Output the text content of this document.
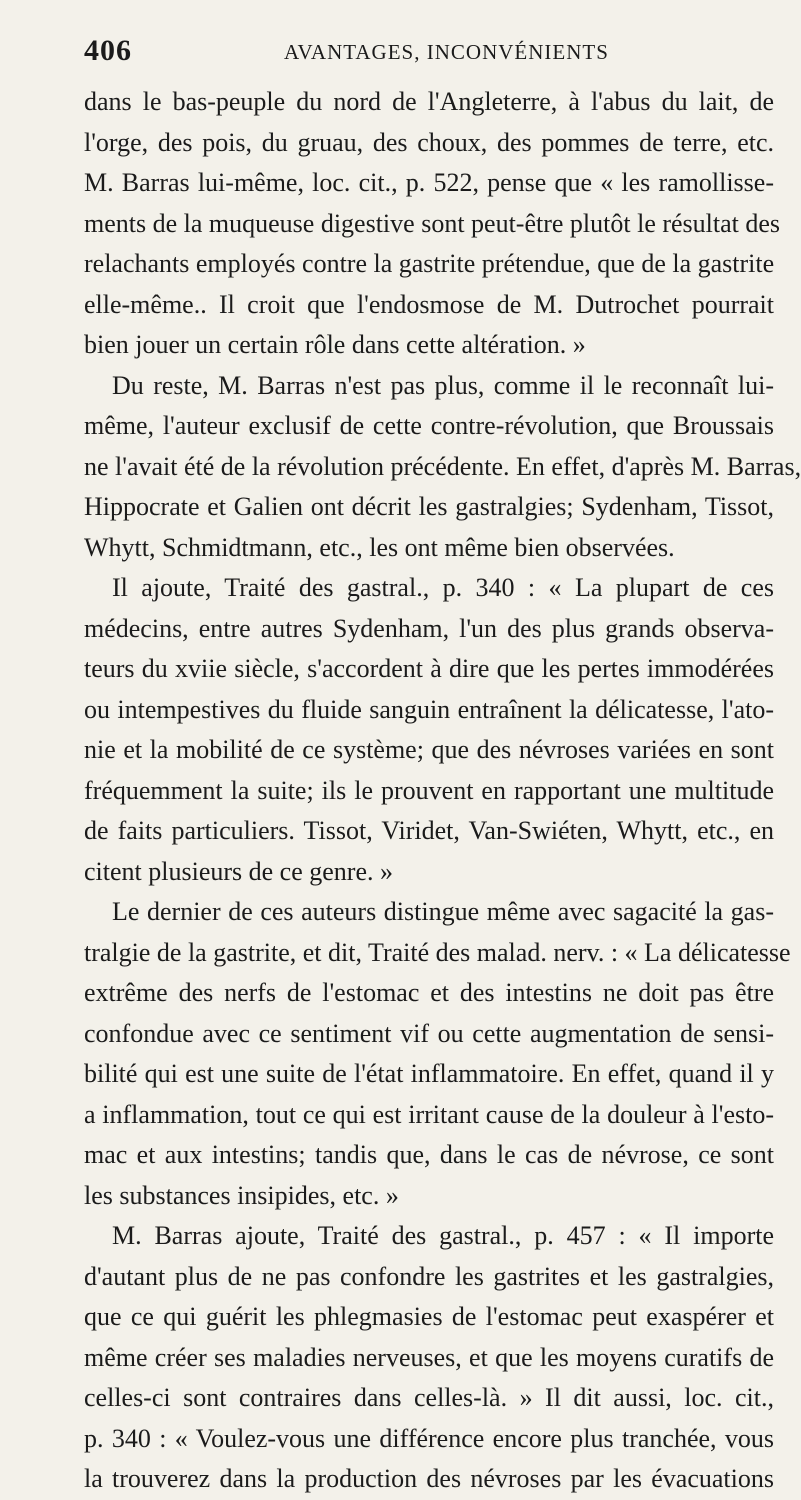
406	AVANTAGES, INCONVÉNIENTS
dans le bas-peuple du nord de l'Angleterre, à l'abus du lait, de
l'orge, des pois, du gruau, des choux, des pommes de terre, etc.
M. Barras lui-même, loc. cit., p. 522, pense que « les ramollisse-
ments de la muqueuse digestive sont peut-être plutôt le résultat des
relachants employés contre la gastrite prétendue, que de la gastrite
elle-même.. Il croit que l'endosmose de M. Dutrochet pourrait
bien jouer un certain rôle dans cette altération. »
Du reste, M. Barras n'est pas plus, comme il le reconnaît lui-
même, l'auteur exclusif de cette contre-révolution, que Broussais
ne l'avait été de la révolution précédente. En effet, d'après M. Barras,
Hippocrate et Galien ont décrit les gastralgies; Sydenham, Tissot,
Whytt, Schmidtmann, etc., les ont même bien observées.
Il ajoute, Traité des gastral., p. 340 : « La plupart de ces
médecins, entre autres Sydenham, l'un des plus grands observa-
teurs du xviie siècle, s'accordent à dire que les pertes immodérées
ou intempestives du fluide sanguin entraînent la délicatesse, l'ato-
nie et la mobilité de ce système; que des névroses variées en sont
fréquemment la suite; ils le prouvent en rapportant une multitude
de faits particuliers. Tissot, Viridet, Van-Swiéten, Whytt, etc., en
citent plusieurs de ce genre. »
Le dernier de ces auteurs distingue même avec sagacité la gas-
tralgie de la gastrite, et dit, Traité des malad. nerv. : « La délicatesse
extrême des nerfs de l'estomac et des intestins ne doit pas être
confondue avec ce sentiment vif ou cette augmentation de sensi-
bilité qui est une suite de l'état inflammatoire. En effet, quand il y
a inflammation, tout ce qui est irritant cause de la douleur à l'esto-
mac et aux intestins; tandis que, dans le cas de névrose, ce sont
les substances insipides, etc. »
M. Barras ajoute, Traité des gastral., p. 457 : « Il importe
d'autant plus de ne pas confondre les gastrites et les gastralgies,
que ce qui guérit les phlegmasies de l'estomac peut exaspérer et
même créer ses maladies nerveuses, et que les moyens curatifs de
celles-ci sont contraires dans celles-là. » Il dit aussi, loc. cit.,
p. 340 : « Voulez-vous une différence encore plus tranchée, vous
la trouverez dans la production des névroses par les évacuations
